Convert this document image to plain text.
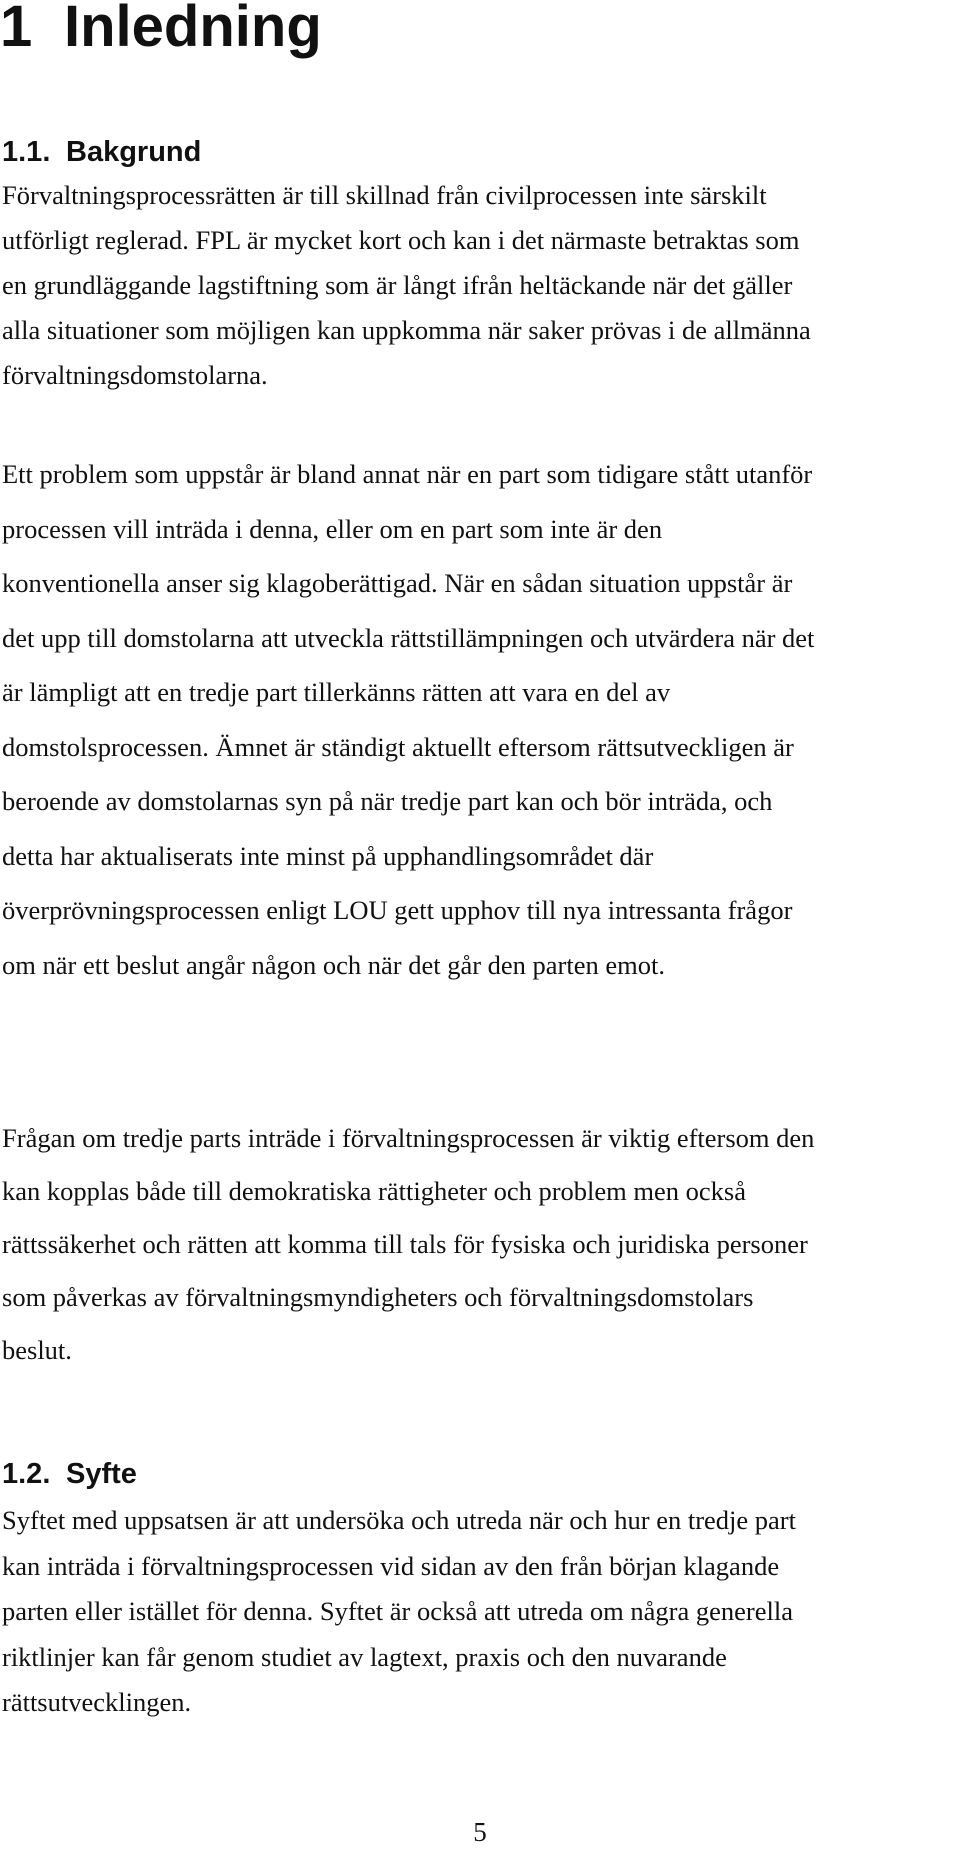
1 Inledning
1.1. Bakgrund

Förvaltningsprocessrätten är till skillnad från civilprocessen inte särskilt
utförligt reglerad. FPL är mycket kort och kan i det närmaste betraktas som
en grundläggande lagstiftning som är långt ifrån heltäckande när det gäller
alla situationer som möjligen kan uppkomma när saker prövas i de allmänna
förvaltningsdomstolarna.

Ett problem som uppstår är bland annat när en part som tidigare stått utanför
processen vill inträda i denna, eller om en part som inte är den
konventionella anser sig klagoberättigad. När en sådan situation uppstår är
det upp till domstolarna att utveckla rättstillämpningen och utvärdera när det
är lämpligt att en tredje part tillerkänns rätten att vara en del av
domstolsprocessen. Ämnet är ständigt aktuellt eftersom rättsutveckligen är
beroende av domstolarnas syn på när tredje part kan och bör inträda, och
detta har aktualiserats inte minst på upphandlingsområdet där
överprövningsprocessen enligt LOU gett upphov till nya intressanta frågor
om när ett beslut angår någon och när det går den parten emot.

Frågan om tredje parts inträde i förvaltningsprocessen är viktig eftersom den
kan kopplas både till demokratiska rättigheter och problem men också
rättssäkerhet och rätten att komma till tals för fysiska och juridiska personer
som påverkas av förvaltningsmyndigheters och förvaltningsdomstolars
beslut.

1.2. Syfte

Syftet med uppsatsen är att undersöka och utreda när och hur en tredje part
kan inträda i förvaltningsprocessen vid sidan av den från början klagande
parten eller istället för denna. Syftet är också att utreda om några generella
riktlinjer kan får genom studiet av lagtext, praxis och den nuvarande
rättsutvecklingen.

5
